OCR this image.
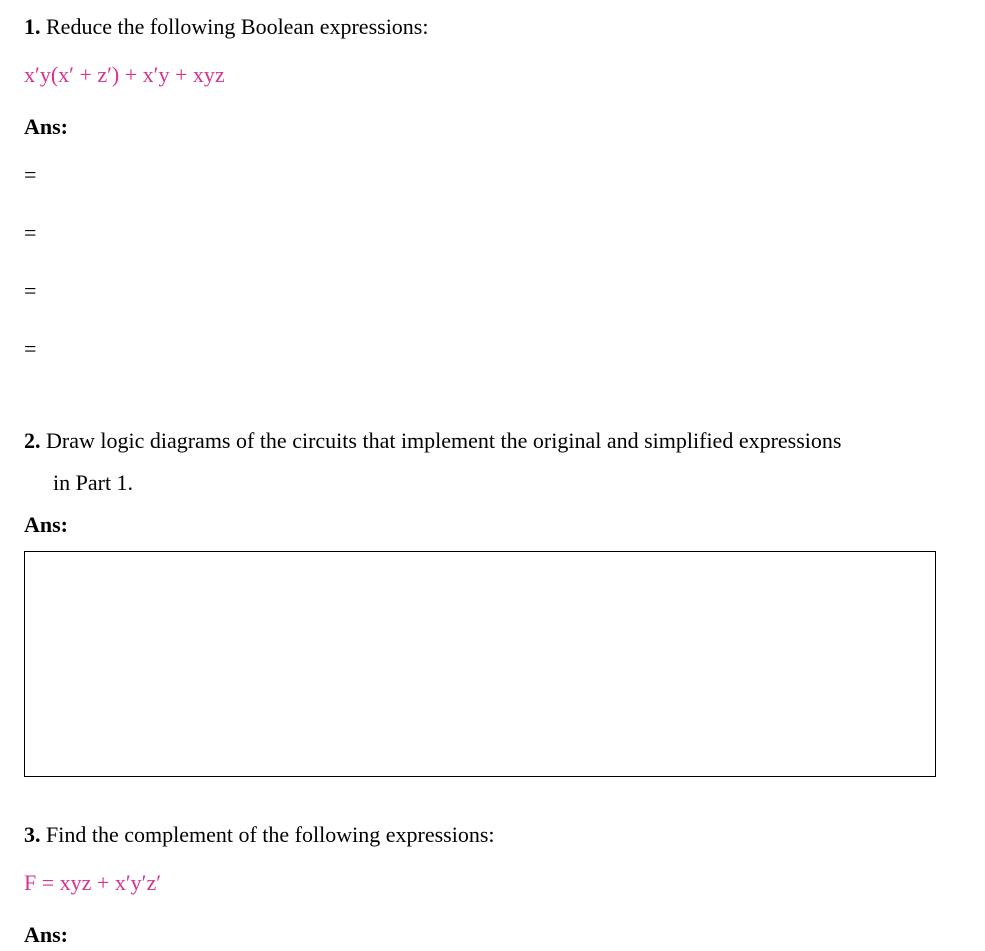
1. Reduce the following Boolean expressions:
x′y(x′ + z′) + x′y + xyz
Ans:
=
=
=
=
2. Draw logic diagrams of the circuits that implement the original and simplified expressions
in Part 1.
Ans:
3. Find the complement of the following expressions:
F = xyz + x′y′z′
Ans:
